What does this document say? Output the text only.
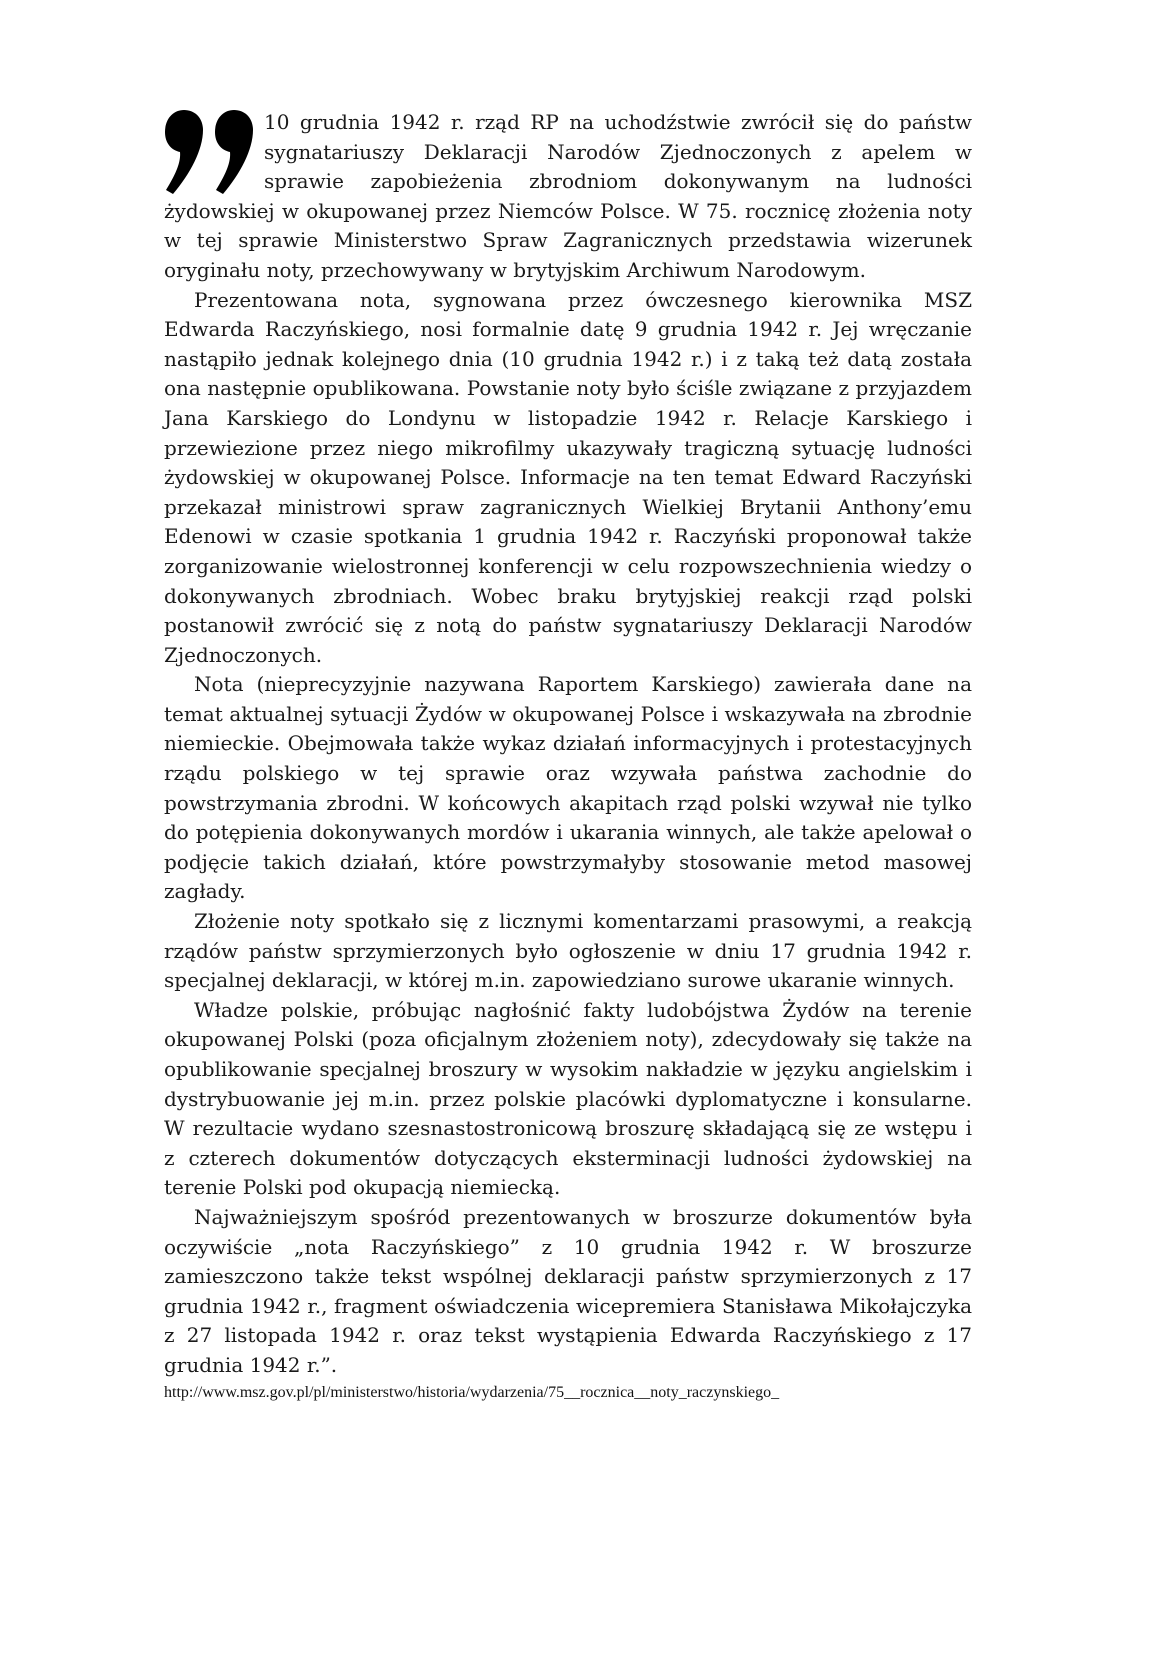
10 grudnia 1942 r. rząd RP na uchodźstwie zwrócił się do państw sygnatariuszy Deklaracji Narodów Zjednoczonych z apelem w sprawie zapobieżenia zbrodniom dokonywanym na ludności żydowskiej w okupowanej przez Niemców Polsce. W 75. rocznicę złożenia noty w tej sprawie Ministerstwo Spraw Zagranicznych przedstawia wizerunek oryginału noty, przechowywany w brytyjskim Archiwum Narodowym.

Prezentowana nota, sygnowana przez ówczesnego kierownika MSZ Edwarda Raczyńskiego, nosi formalnie datę 9 grudnia 1942 r. Jej wręczanie nastąpiło jednak kolejnego dnia (10 grudnia 1942 r.) i z taką też datą została ona następnie opublikowana. Powstanie noty było ściśle związane z przyjazdem Jana Karskiego do Londynu w listopadzie 1942 r. Relacje Karskiego i przewiezione przez niego mikrofilmy ukazywały tragiczną sytuację ludności żydowskiej w okupowanej Polsce. Informacje na ten temat Edward Raczyński przekazał ministrowi spraw zagranicznych Wielkiej Brytanii Anthony’emu Edenowi w czasie spotkania 1 grudnia 1942 r. Raczyński proponował także zorganizowanie wielostronnej konferencji w celu rozpowszechnienia wiedzy o dokonywanych zbrodniach. Wobec braku brytyjskiej reakcji rząd polski postanowił zwrócić się z notą do państw sygnatariuszy Deklaracji Narodów Zjednoczonych.

Nota (nieprecyzyjnie nazywana Raportem Karskiego) zawierała dane na temat aktualnej sytuacji Żydów w okupowanej Polsce i wskazywała na zbrodnie niemieckie. Obejmowała także wykaz działań informacyjnych i protestacyjnych rządu polskiego w tej sprawie oraz wzywała państwa zachodnie do powstrzymania zbrodni. W końcowych akapitach rząd polski wzywał nie tylko do potępienia dokonywanych mordów i ukarania winnych, ale także apelował o podjęcie takich działań, które powstrzymałyby stosowanie metod masowej zagłady.

Złożenie noty spotkało się z licznymi komentarzami prasowymi, a reakcją rządów państw sprzymierzonych było ogłoszenie w dniu 17 grudnia 1942 r. specjalnej deklaracji, w której m.in. zapowiedziano surowe ukaranie winnych.

Władze polskie, próbując nagłośnić fakty ludobójstwa Żydów na terenie okupowanej Polski (poza oficjalnym złożeniem noty), zdecydowały się także na opublikowanie specjalnej broszury w wysokim nakładzie w języku angielskim i dystrybuowanie jej m.in. przez polskie placówki dyplomatyczne i konsularne. W rezultacie wydano szesnastostronicową broszurę składającą się ze wstępu i z czterech dokumentów dotyczących eksterminacji ludności żydowskiej na terenie Polski pod okupacją niemiecką.

Najważniejszym spośród prezentowanych w broszurze dokumentów była oczywiście „nota Raczyńskiego” z 10 grudnia 1942 r. W broszurze zamieszczono także tekst wspólnej deklaracji państw sprzymierzonych z 17 grudnia 1942 r., fragment oświadczenia wicepremiera Stanisława Mikołajczyka z 27 listopada 1942 r. oraz tekst wystąpienia Edwarda Raczyńskiego z 17 grudnia 1942 r.”.

http://www.msz.gov.pl/pl/ministerstwo/historia/wydarzenia/75__rocznica__noty_raczynskiego_
